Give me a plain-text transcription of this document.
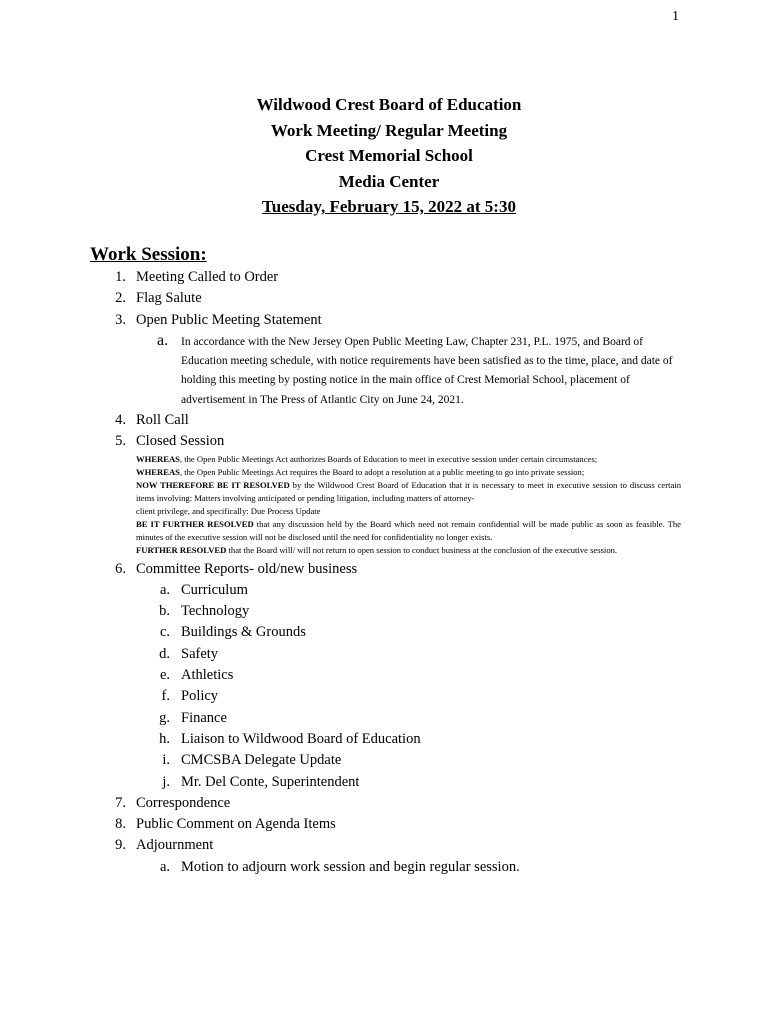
1
Wildwood Crest Board of Education
Work Meeting/ Regular Meeting
Crest Memorial School
Media Center
Tuesday, February 15, 2022 at 5:30
Work Session:
1. Meeting Called to Order
2. Flag Salute
3. Open Public Meeting Statement
a. In accordance with the New Jersey Open Public Meeting Law, Chapter 231, P.L. 1975, and Board of Education meeting schedule, with notice requirements have been satisfied as to the time, place, and date of holding this meeting by posting notice in the main office of Crest Memorial School, placement of advertisement in The Press of Atlantic City on June 24, 2021.
4. Roll Call
5. Closed Session

WHEREAS, the Open Public Meetings Act authorizes Boards of Education to meet in executive session under certain circumstances;

WHEREAS, the Open Public Meetings Act requires the Board to adopt a resolution at a public meeting to go into private session;

NOW THEREFORE BE IT RESOLVED by the Wildwood Crest Board of Education that it is necessary to meet in executive session to discuss certain items involving: Matters involving anticipated or pending litigation, including matters of attorney-

client privilege, and specifically: Due Process Update

BE IT FURTHER RESOLVED that any discussion held by the Board which need not remain confidential will be made public as soon as feasible. The minutes of the executive session will not be disclosed until the need for confidentiality no longer exists.

FURTHER RESOLVED that the Board will/ will not return to open session to conduct business at the conclusion of the executive session.

6. Committee Reports- old/new business
a. Curriculum
b. Technology
c. Buildings & Grounds
d. Safety
e. Athletics
f. Policy
g. Finance
h. Liaison to Wildwood Board of Education
i. CMCSBA Delegate Update
j. Mr. Del Conte, Superintendent
7. Correspondence
8. Public Comment on Agenda Items
9. Adjournment
a. Motion to adjourn work session and begin regular session.
